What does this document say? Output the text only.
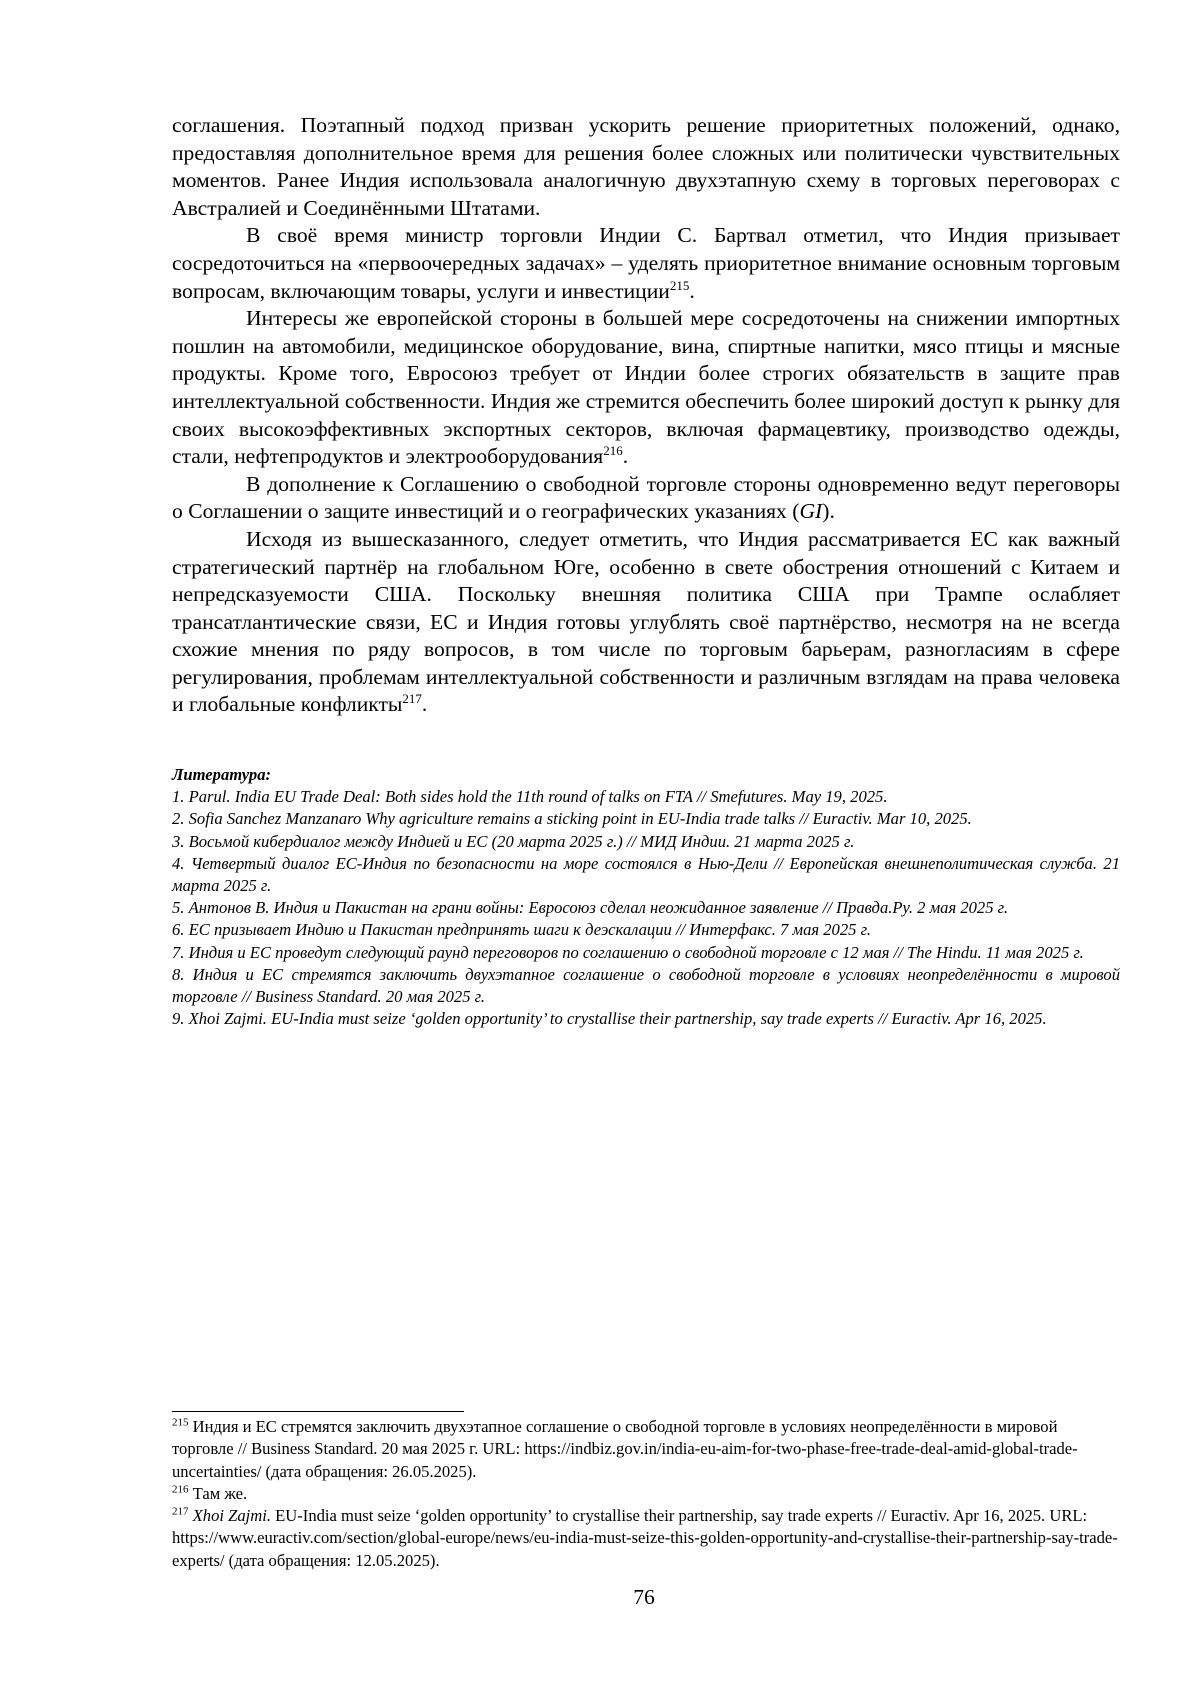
соглашения. Поэтапный подход призван ускорить решение приоритетных положений, однако, предоставляя дополнительное время для решения более сложных или политически чувствительных моментов. Ранее Индия использовала аналогичную двухэтапную схему в торговых переговорах с Австралией и Соединёнными Штатами.

В своё время министр торговли Индии С. Бартвал отметил, что Индия призывает сосредоточиться на «первоочередных задачах» – уделять приоритетное внимание основным торговым вопросам, включающим товары, услуги и инвестиции$^{215}$.

Интересы же европейской стороны в большей мере сосредоточены на снижении импортных пошлин на автомобили, медицинское оборудование, вина, спиртные напитки, мясо птицы и мясные продукты. Кроме того, Евросоюз требует от Индии более строгих обязательств в защите прав интеллектуальной собственности. Индия же стремится обеспечить более широкий доступ к рынку для своих высокоэффективных экспортных секторов, включая фармацевтику, производство одежды, стали, нефтепродуктов и электрооборудования$^{216}$.

В дополнение к Соглашению о свободной торговле стороны одновременно ведут переговоры о Соглашении о защите инвестиций и о географических указаниях (GI).

Исходя из вышесказанного, следует отметить, что Индия рассматривается ЕС как важный стратегический партнёр на глобальном Юге, особенно в свете обострения отношений с Китаем и непредсказуемости США. Поскольку внешняя политика США при Трампе ослабляет трансатлантические связи, ЕС и Индия готовы углублять своё партнёрство, несмотря на не всегда схожие мнения по ряду вопросов, в том числе по торговым барьерам, разногласиям в сфере регулирования, проблемам интеллектуальной собственности и различным взглядам на права человека и глобальные конфликты$^{217}$.

Литература:

1. Parul. India EU Trade Deal: Both sides hold the 11th round of talks on FTA // Smefutures. May 19, 2025.
2. Sofia Sanchez Manzanaro Why agriculture remains a sticking point in EU-India trade talks // Euractiv. Mar 10, 2025.
3. Восьмой кибердиалог между Индией и ЕС (20 марта 2025 г.) // МИД Индии. 21 марта 2025 г.
4. Четвертый диалог ЕС-Индия по безопасности на море состоялся в Нью-Дели // Европейская внешнеполитическая служба. 21 марта 2025 г.
5. Антонов В. Индия и Пакистан на грани войны: Евросоюз сделал неожиданное заявление // Правда.Ру. 2 мая 2025 г.
6. ЕС призывает Индию и Пакистан предпринять шаги к деэскалации // Интерфакс. 7 мая 2025 г.
7. Индия и ЕС проведут следующий раунд переговоров по соглашению о свободной торговле с 12 мая // The Hindu. 11 мая 2025 г.
8. Индия и ЕС стремятся заключить двухэтапное соглашение о свободной торговле в условиях неопределённости в мировой торговле // Business Standard. 20 мая 2025 г.
9. Xhoi Zajmi. EU-India must seize ‘golden opportunity’ to crystallise their partnership, say trade experts // Euractiv. Apr 16, 2025.

$^{215}$ Индия и ЕС стремятся заключить двухэтапное соглашение о свободной торговле в условиях неопределённости в мировой торговле // Business Standard. 20 мая 2025 г. URL: https://indbiz.gov.in/india-eu-aim-for-two-phase-free-trade-deal-amid-global-trade-uncertainties/ (дата обращения: 26.05.2025).

$^{216}$ Там же.

$^{217}$ Xhoi Zajmi. EU-India must seize ‘golden opportunity’ to crystallise their partnership, say trade experts // Euractiv. Apr 16, 2025. URL: https://www.euractiv.com/section/global-europe/news/eu-india-must-seize-this-golden-opportunity-and-crystallise-their-partnership-say-trade-experts/ (дата обращения: 12.05.2025).

76
